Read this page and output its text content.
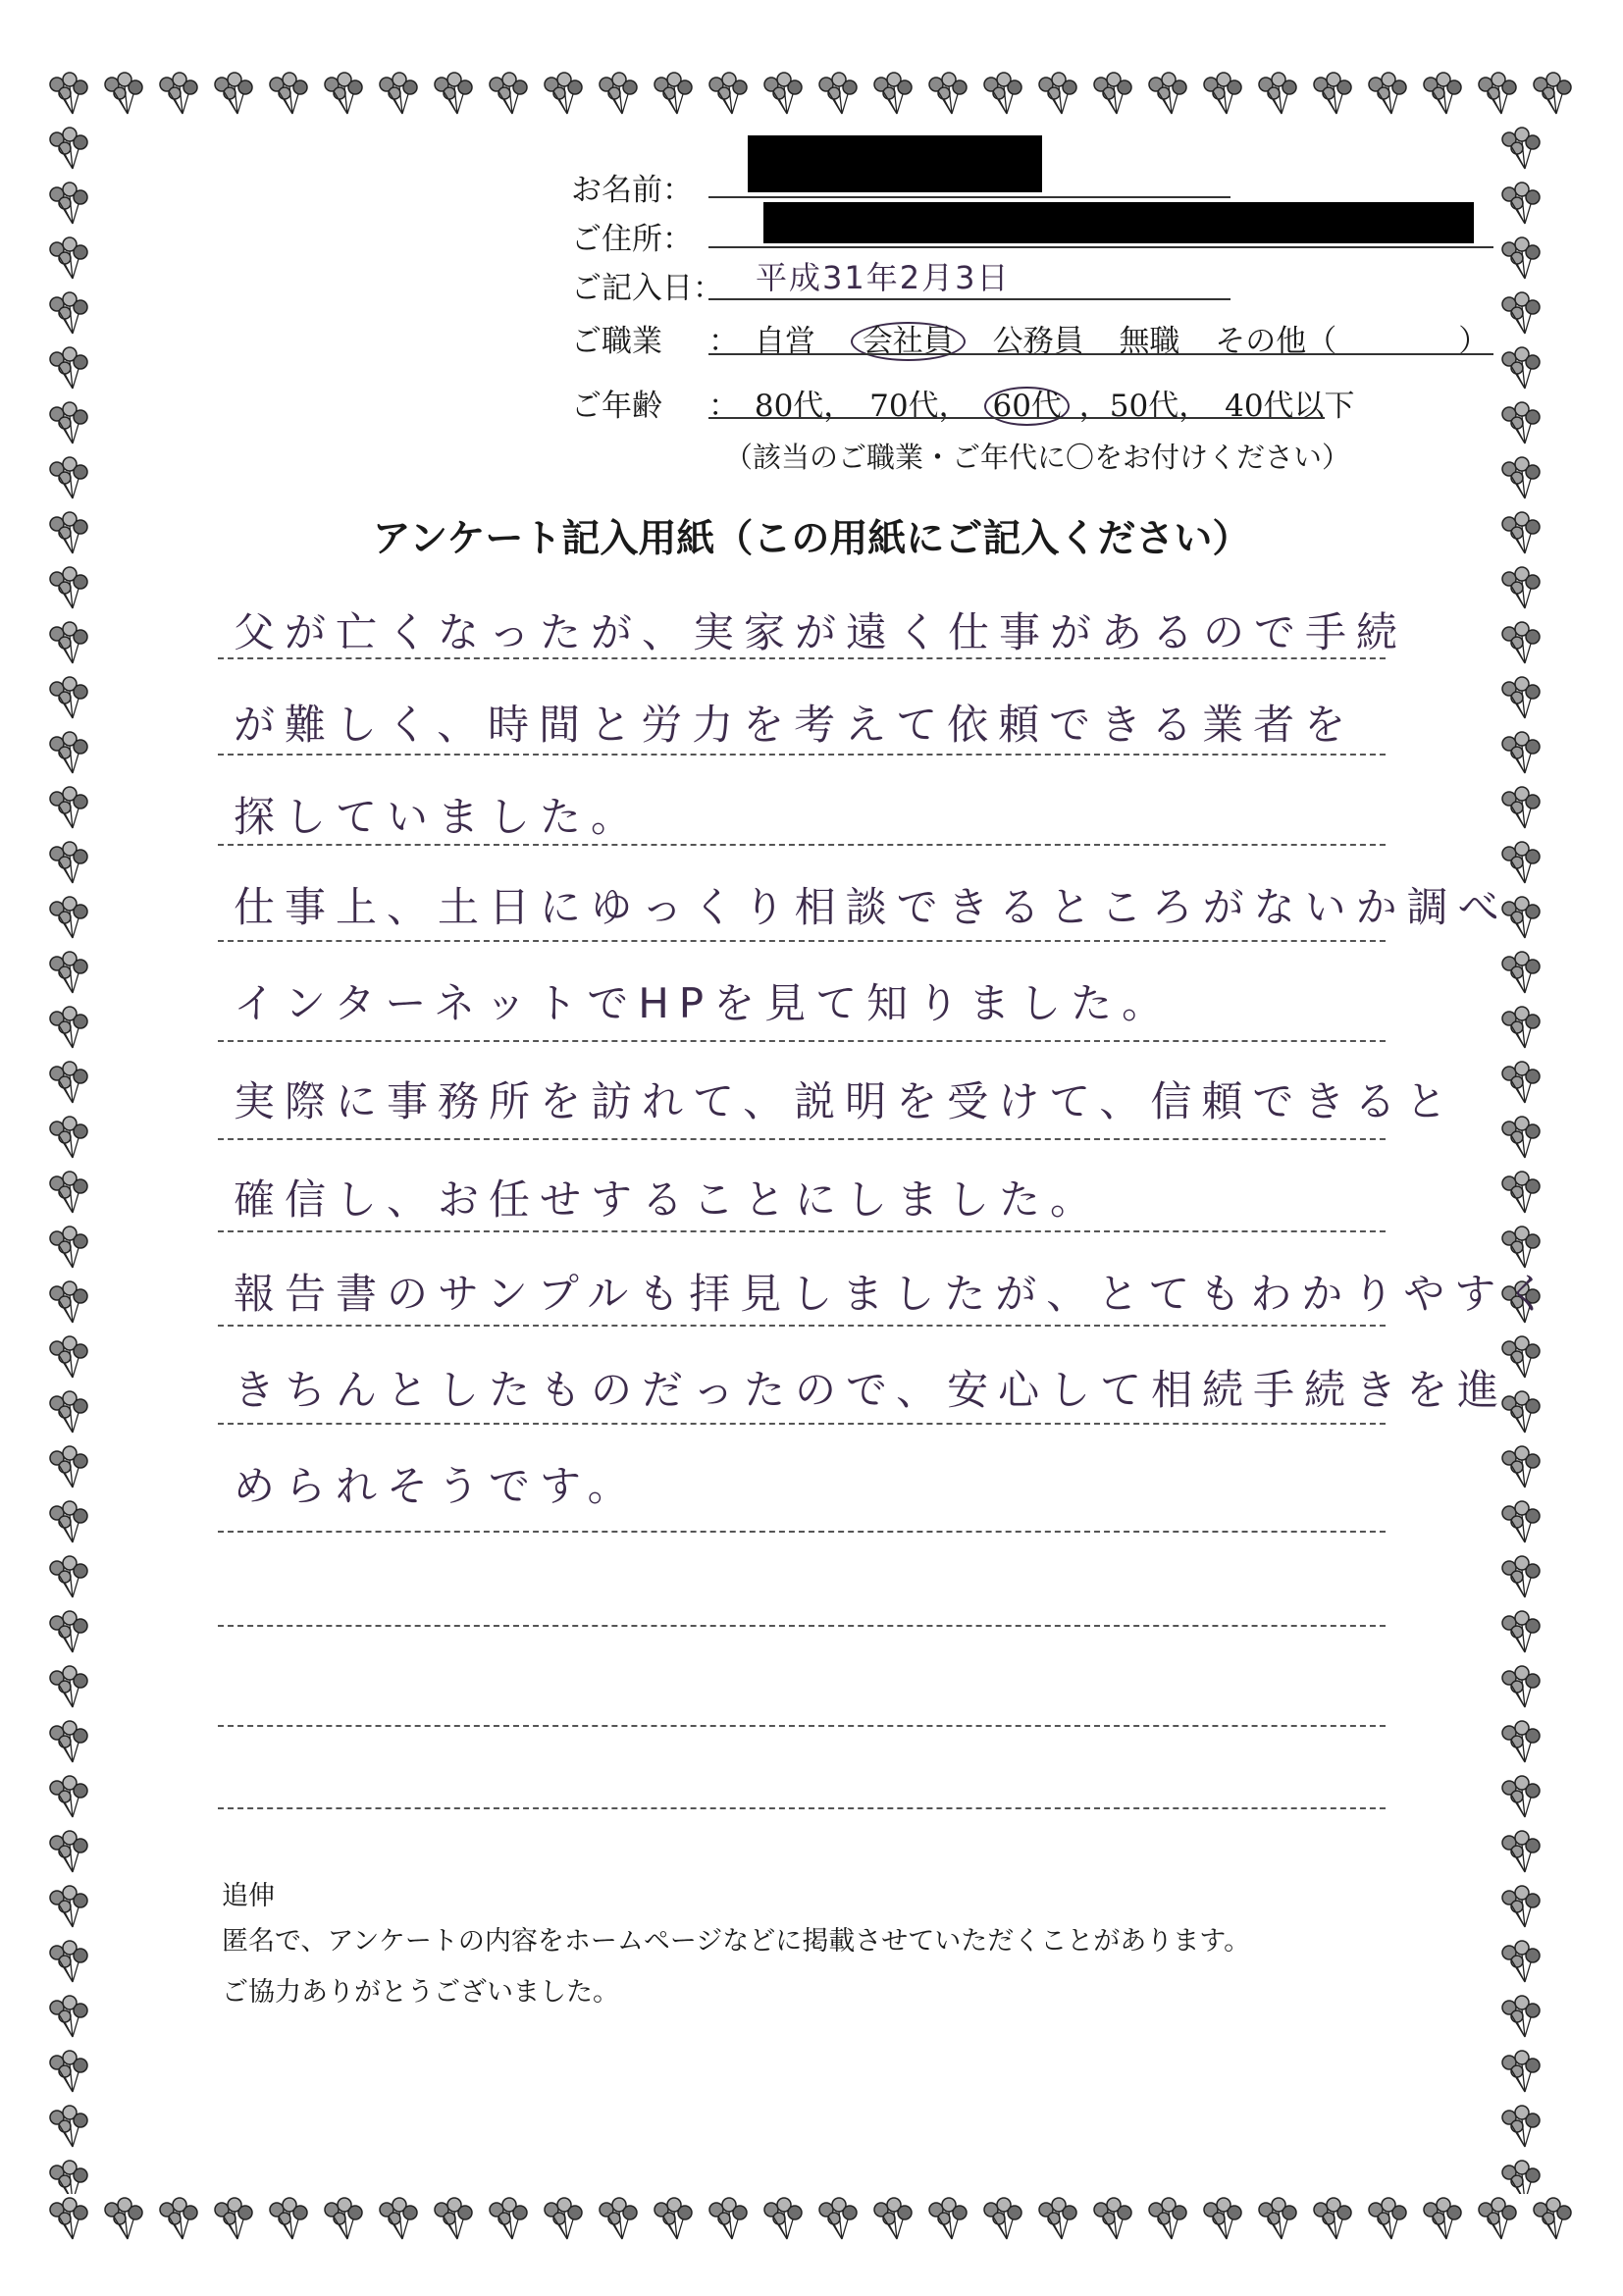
お名前：
ご住所：
ご記入日： 平成31年2月3日
ご職業 ： 自営 会社員 公務員 無職 その他（　　　　）
ご年齢 ： 80代， 70代， 60代 ，50代， 40代以下
（該当のご職業・ご年代に〇をお付けください）
アンケート記入用紙（この用紙にご記入ください）
父が亡くなったが、実家が遠く仕事があるので手続
が難しく、時間と労力を考えて依頼できる業者を
探していました。
仕事上、土日にゆっくり相談できるところがないか調べ
インターネットでHPを見て知りました。
実際に事務所を訪れて、説明を受けて、信頼できると
確信し、お任せすることにしました。
報告書のサンプルも拝見しましたが、とてもわかりやすく
きちんとしたものだったので、安心して相続手続きを進
められそうです。
追伸
匿名で、アンケートの内容をホームページなどに掲載させていただくことがあります。
ご協力ありがとうございました。
